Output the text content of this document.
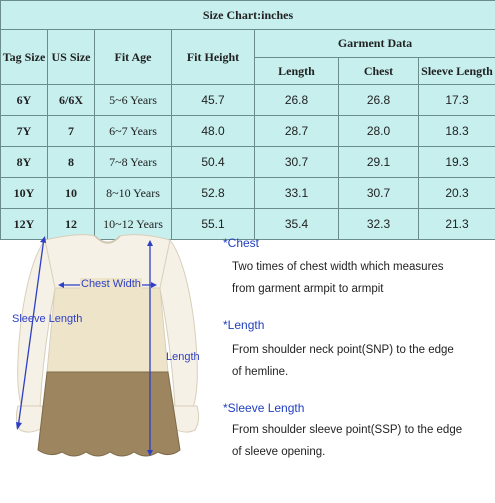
Size Chart:inches						
Tag Size	US Size	Fit Age	Fit Height	Garment Data		
				Length	Chest	Sleeve Length
6Y	6/6X	5~6 Years	45.7	26.8	26.8	17.3
7Y	7	6~7 Years	48.0	28.7	28.0	18.3
8Y	8	7~8 Years	50.4	30.7	29.1	19.3
10Y	10	8~10 Years	52.8	33.1	30.7	20.3
12Y	12	10~12 Years	55.1	35.4	32.3	21.3
Chest Width
Sleeve Length
Length
*Chest
Two times of chest width which measures
from garment armpit to armpit
*Length
From shoulder neck point(SNP) to the edge
of hemline.
*Sleeve Length
From shoulder sleeve point(SSP) to the edge
of sleeve opening.
